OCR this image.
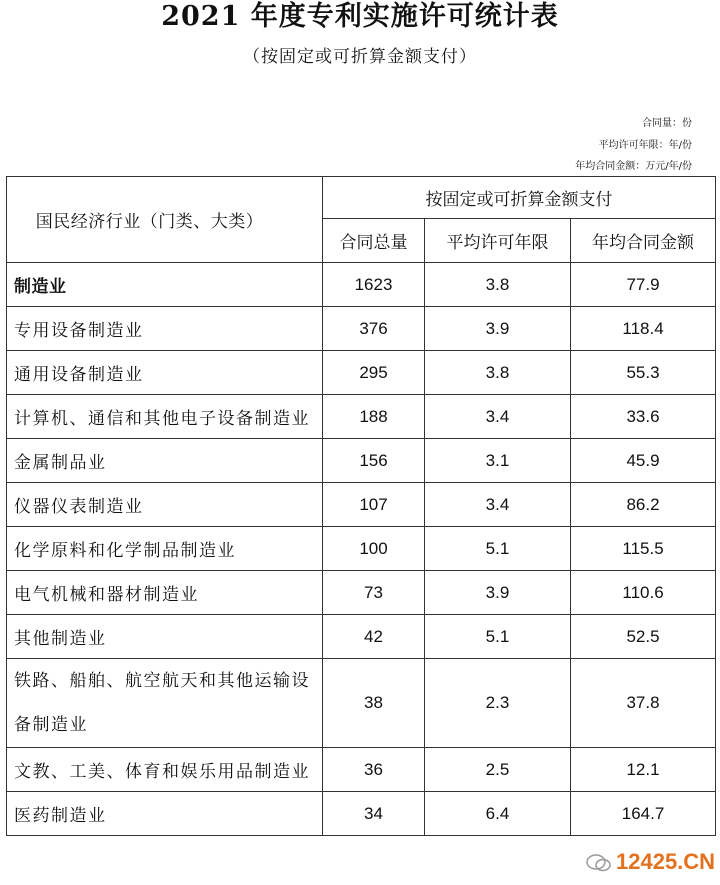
2021 年度专利实施许可统计表
（按固定或可折算金额支付）
合同量：份
平均许可年限：年/份
年均合同金额：万元/年/份
国民经济行业（门类、大类）	按固定或可折算金额支付		
	合同总量	平均许可年限	年均合同金额
制造业	1623	3.8	77.9
专用设备制造业	376	3.9	118.4
通用设备制造业	295	3.8	55.3
计算机、通信和其他电子设备制造业	188	3.4	33.6
金属制品业	156	3.1	45.9
仪器仪表制造业	107	3.4	86.2
化学原料和化学制品制造业	100	5.1	115.5
电气机械和器材制造业	73	3.9	110.6
其他制造业	42	5.1	52.5
铁路、船舶、航空航天和其他运输设
备制造业	38	2.3	37.8
文教、工美、体育和娱乐用品制造业	36	2.5	12.1
医药制造业	34	6.4	164.7
12425.CN
